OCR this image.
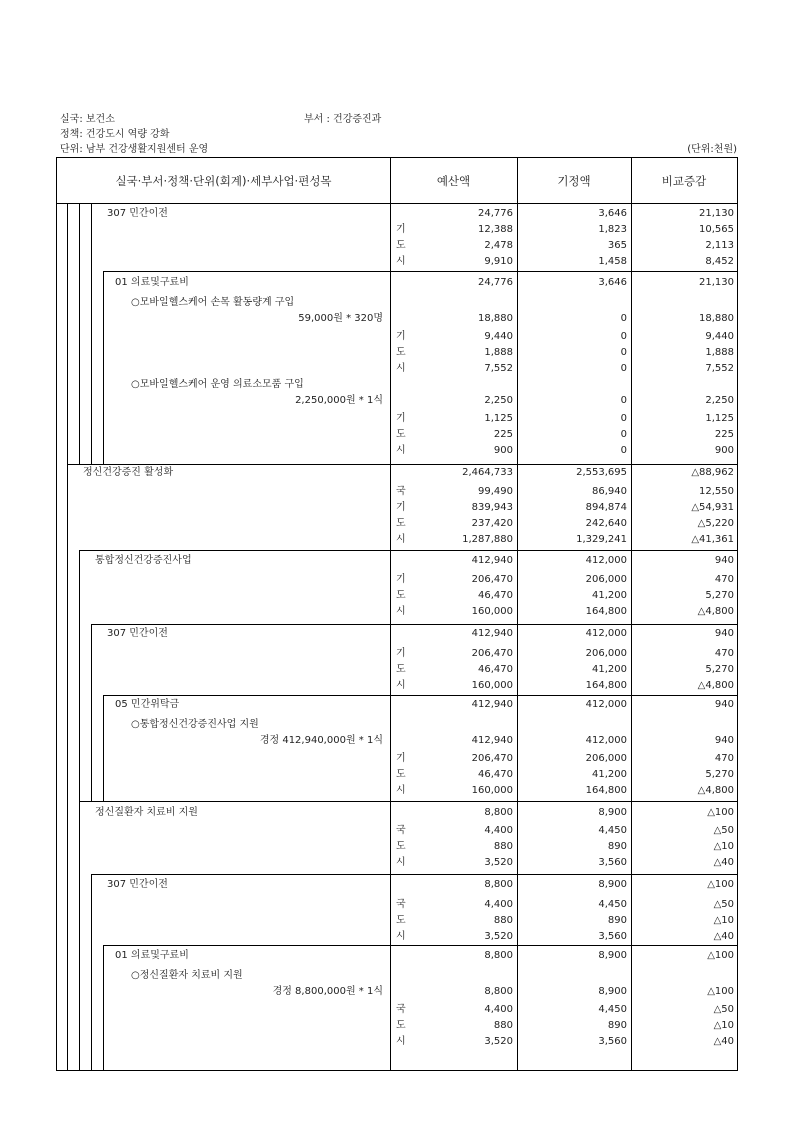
실국: 보건소	부서 : 건강증진과
정책: 건강도시 역량 강화
단위: 남부 건강생활지원센터 운영	(단위:천원)
실국·부서·정책·단위(회계)·세부사업·편성목	예산액	기정액	비교증감
307 민간이전	24,776	3,646	21,130
기	12,388	1,823	10,565
도	2,478	365	2,113
시	9,910	1,458	8,452
01 의료및구료비	24,776	3,646	21,130
○모바일헬스케어 손목 활동량계 구입
59,000원 * 320명	18,880	0	18,880
기	9,440	0	9,440
도	1,888	0	1,888
시	7,552	0	7,552
○모바일헬스케어 운영 의료소모품 구입
2,250,000원 * 1식	2,250	0	2,250
기	1,125	0	1,125
도	225	0	225
시	900	0	900
정신건강증진 활성화	2,464,733	2,553,695	△88,962
국	99,490	86,940	12,550
기	839,943	894,874	△54,931
도	237,420	242,640	△5,220
시	1,287,880	1,329,241	△41,361
통합정신건강증진사업	412,940	412,000	940
기	206,470	206,000	470
도	46,470	41,200	5,270
시	160,000	164,800	△4,800
307 민간이전	412,940	412,000	940
기	206,470	206,000	470
도	46,470	41,200	5,270
시	160,000	164,800	△4,800
05 민간위탁금	412,940	412,000	940
○통합정신건강증진사업 지원
경정 412,940,000원 * 1식	412,940	412,000	940
기	206,470	206,000	470
도	46,470	41,200	5,270
시	160,000	164,800	△4,800
정신질환자 치료비 지원	8,800	8,900	△100
국	4,400	4,450	△50
도	880	890	△10
시	3,520	3,560	△40
307 민간이전	8,800	8,900	△100
국	4,400	4,450	△50
도	880	890	△10
시	3,520	3,560	△40
01 의료및구료비	8,800	8,900	△100
○정신질환자 치료비 지원
경정 8,800,000원 * 1식	8,800	8,900	△100
국	4,400	4,450	△50
도	880	890	△10
시	3,520	3,560	△40
